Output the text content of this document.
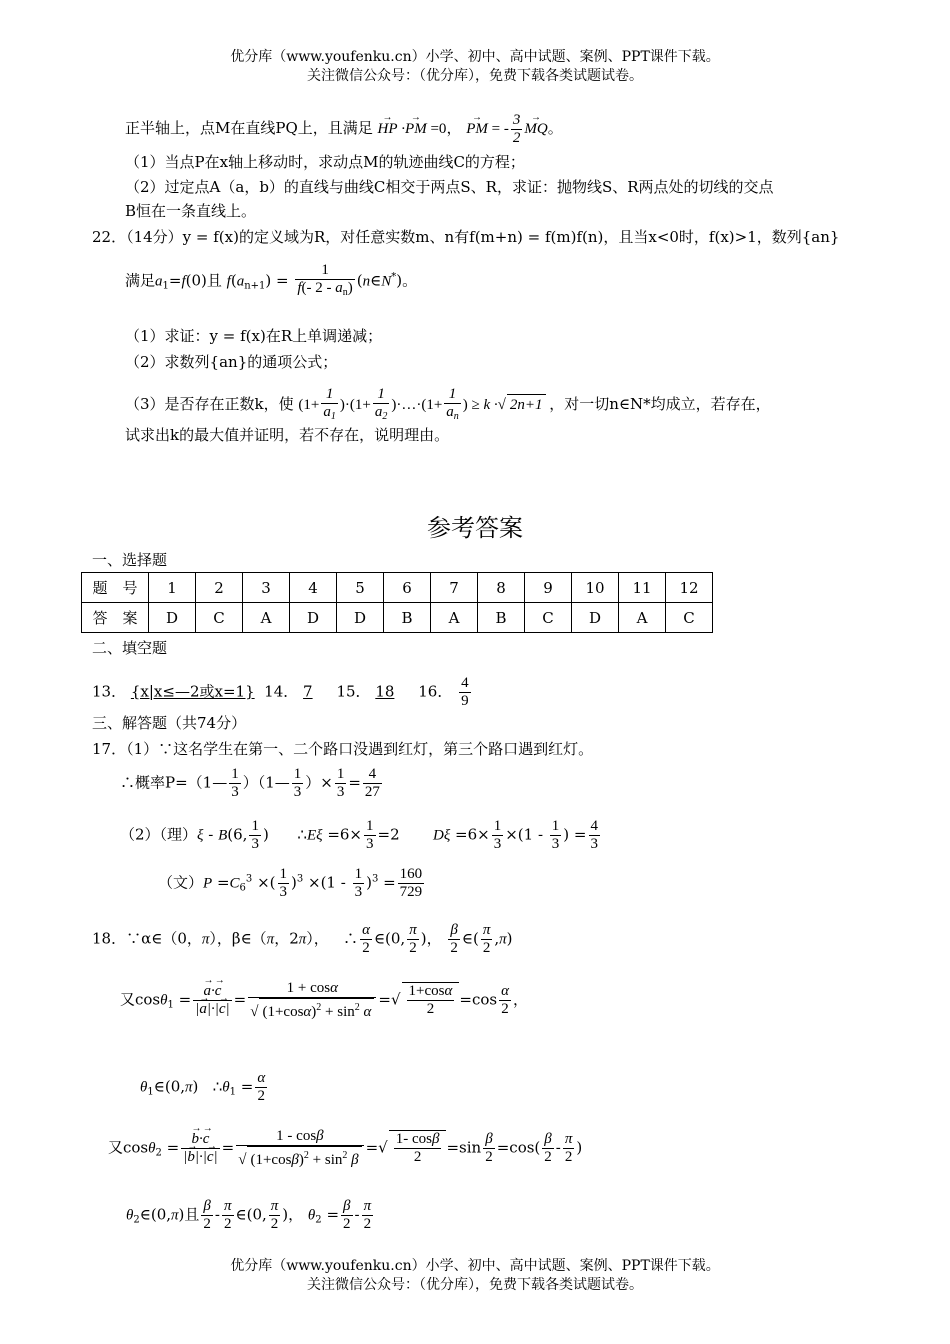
优分库（www.youfenku.cn）小学、初中、高中试题、案例、PPT课件下载。
关注微信公众号：（优分库），免费下载各类试题试卷。
正半轴上，点M在直线PQ上，且满足 → HP ·→ PM =0， → PM = - $\frac{3}{2}$ → MQ。
（1）当点P在x轴上移动时，求动点M的轨迹曲线C的方程；
（2）过定点A（a，b）的直线与曲线C相交于两点S、R，求证：抛物线S、R两点处的切线的交点
B恒在一条直线上。
22．（14分）y = f(x)的定义域为R，对任意实数m、n有f(m+n) = f(m)f(n)，且当x<0时，f(x)>1，数列{an}
满足$a_1=f(0)$且 $f(a_{n+1}) = \frac{1}{f(- 2 - a_n)}$ (n∈N*)。
（1）求证：y = f(x)在R上单调递减；
（2）求数列{an}的通项公式；
（3）是否存在正数k，使 $(1+ \frac{1}{a_1} )\cdot(1+ \frac{1}{a_2}$ )·…·(1+ $\frac{1}{a_n}$ ) ≥ k ·√ 2n+1 ，对一切n∈N*均成立，若存在，
试求出k的最大值并证明，若不存在，说明理由。
参考答案
一、选择题
题　号	1	2	3	4	5	6	7	8	9	10	11	12
答　案	D	C	A	D	D	B	A	B	C	D	A	C
二、填空题
13． {x|x≤—2或x=1} 14． 7 15． 18 16． $\frac{4}{9}$
三、解答题（共74分）
17．（1）∵这名学生在第一、二个路口没遇到红灯，第三个路口遇到红灯。
∴概率P=（1— $\frac{1}{3}$ ）（1— $\frac{1}{3}$ ）× $\frac{1}{3} = \frac{4}{27}$
（2）（理）ξ - B(6, $\frac{1}{3}$ )      ∴Eξ $=6\times \frac{1}{3} =2$       $D\xi =6\times \frac{1}{3} \times(1 - \frac{1}{3}$ ) = $\frac{4}{3}$
（文）$P =C_6^3$ ×( $\frac{1}{3} )^3 \times(1 - \frac{1}{3} )^3 = \frac{160}{729}$
18．∵α∈（0，π），β∈（π，2π），   ∴ $\frac{\alpha}{2}$ ∈(0, $\frac{\pi}{2}$ )， $\frac{\beta}{2}$ ∈( $\frac{\pi}{2} ,\pi$)
又cosθ$_1$ = → $\frac{a\cdot\to c}{|\to a|\cdot|\to c|} = \frac{1 + \cos\alpha}{√ (1+\cos\alpha)^2 + \sin^2 \alpha}$ =√ $\frac{1+\cos\alpha}{2} =\cos \frac{\alpha}{2}$ ，
$\theta_1\in(0,\pi)$   $\therefore\theta_1 = \frac{\alpha}{2}$
又cosθ$_2$ = → $\frac{b\cdot\to c}{|\to b|\cdot|\to c|} = \frac{1 - \cos\beta}{√ (1+\cos\beta)^2 + \sin^2 \beta}$ =√ $\frac{1- \cos\beta}{2} =\sin \frac{\beta}{2} =\cos( \frac{\beta}{2} - \frac{\pi}{2}$ )
$\theta_2\in(0,\pi)$且 $\frac{\beta}{2} - \frac{\pi}{2}$ ∈(0, $\frac{\pi}{2}$ )， $\theta_2 = \frac{\beta}{2} - \frac{\pi}{2}$
优分库（www.youfenku.cn）小学、初中、高中试题、案例、PPT课件下载。
关注微信公众号：（优分库），免费下载各类试题试卷。
